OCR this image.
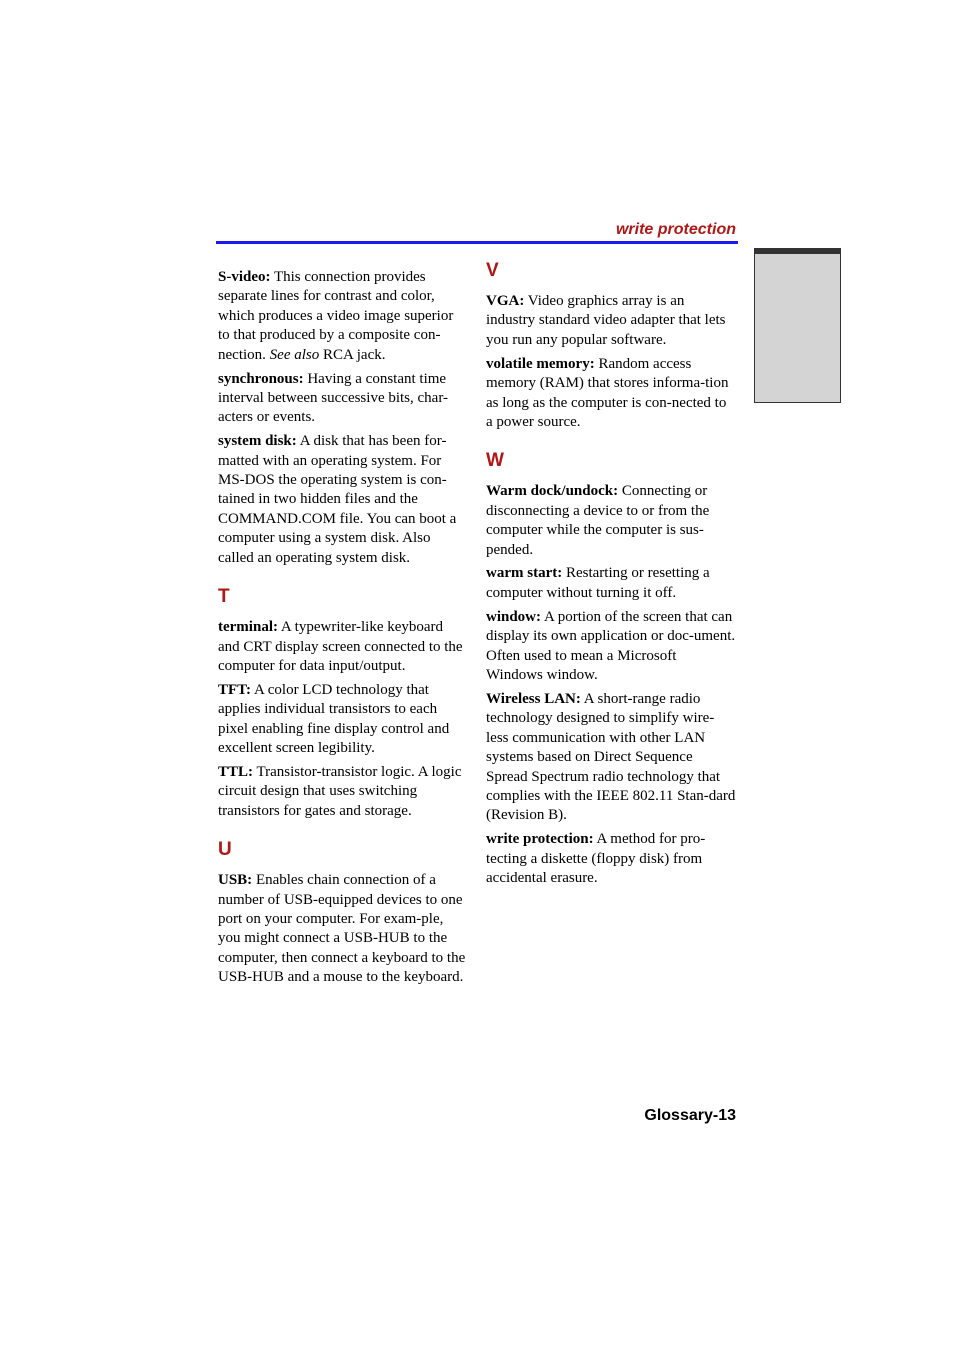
write protection

S-video: This connection provides separate lines for contrast and color, which produces a video image superior to that produced by a composite con-nection. See also RCA jack.

synchronous: Having a constant time interval between successive bits, char-acters or events.

system disk: A disk that has been for-matted with an operating system. For MS-DOS the operating system is con-tained in two hidden files and the COMMAND.COM file. You can boot a computer using a system disk. Also called an operating system disk.

T

terminal: A typewriter-like keyboard and CRT display screen connected to the computer for data input/output.

TFT: A color LCD technology that applies individual transistors to each pixel enabling fine display control and excellent screen legibility.

TTL: Transistor-transistor logic. A logic circuit design that uses switching transistors for gates and storage.

U

USB: Enables chain connection of a number of USB-equipped devices to one port on your computer. For exam-ple, you might connect a USB-HUB to the computer, then connect a keyboard to the USB-HUB and a mouse to the keyboard.

V

VGA: Video graphics array is an industry standard video adapter that lets you run any popular software.

volatile memory: Random access memory (RAM) that stores informa-tion as long as the computer is con-nected to a power source.

W

Warm dock/undock: Connecting or disconnecting a device to or from the computer while the computer is sus-pended.

warm start: Restarting or resetting a computer without turning it off.

window: A portion of the screen that can display its own application or doc-ument. Often used to mean a Microsoft Windows window.

Wireless LAN: A short-range radio technology designed to simplify wire-less communication with other LAN systems based on Direct Sequence Spread Spectrum radio technology that complies with the IEEE 802.11 Stan-dard (Revision B).

write protection: A method for pro-tecting a diskette (floppy disk) from accidental erasure.

Glossary-13
